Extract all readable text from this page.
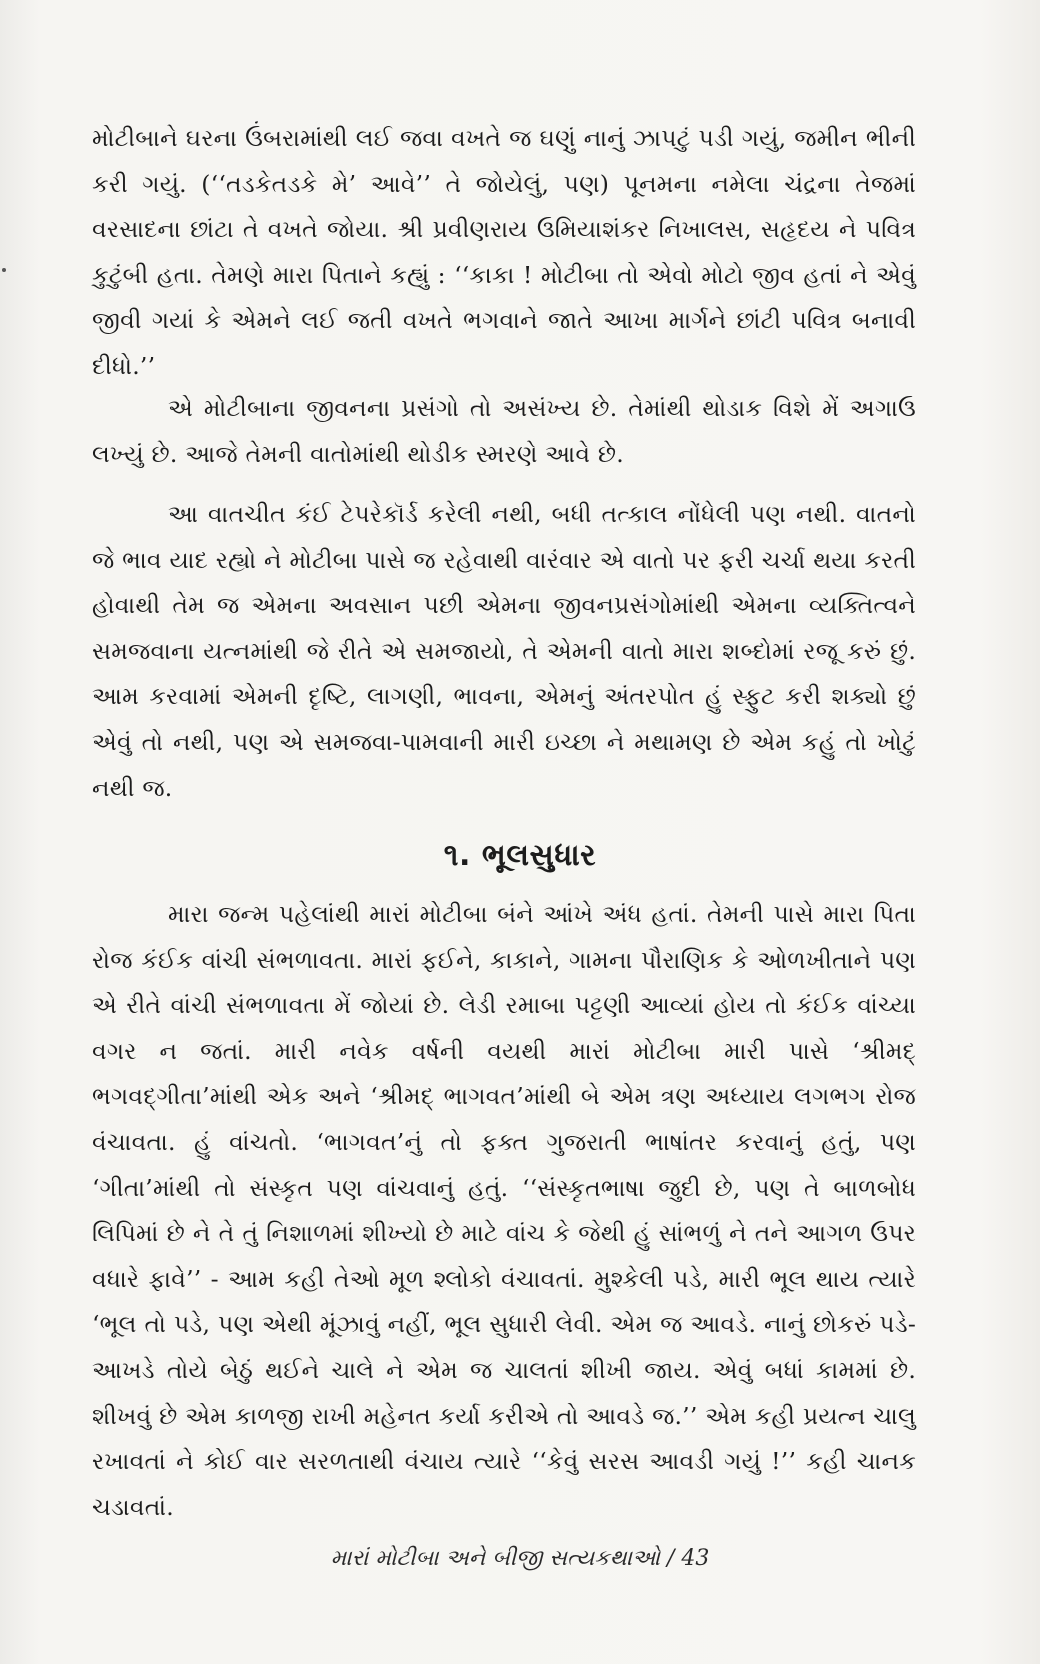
મોટીબાને ઘરના ઉંબરામાંથી લઈ જવા વખતે જ ઘણું નાનું ઝાપટું પડી ગયું, જમીન ભીની કરી ગયું. (‘‘તડકેતડકે મે’ આવે’’ તે જોયેલું, પણ) પૂનમના નમેલા ચંદ્રના તેજમાં વરસાદના છાંટા તે વખતે જોયા. શ્રી પ્રવીણરાય ઉમિયાશંકર નિખાલસ, સહૃદય ને પવિત્ર કુટુંબી હતા. તેમણે મારા પિતાને કહ્યું : ‘‘કાકા ! મોટીબા તો એવો મોટો જીવ હતાં ને એવું જીવી ગયાં કે એમને લઈ જતી વખતે ભગવાને જાતે આખા માર્ગને છાંટી પવિત્ર બનાવી દીધો.’’

એ મોટીબાના જીવનના પ્રસંગો તો અસંખ્ય છે. તેમાંથી થોડાક વિશે મેં અગાઉ લખ્યું છે. આજે તેમની વાતોમાંથી થોડીક સ્મરણે આવે છે.

આ વાતચીત કંઈ ટેપરેકૉર્ડ કરેલી નથી, બધી તત્કાલ નોંધેલી પણ નથી. વાતનો જે ભાવ યાદ રહ્યો ને મોટીબા પાસે જ રહેવાથી વારંવાર એ વાતો પર ફરી ચર્ચા થયા કરતી હોવાથી તેમ જ એમના અવસાન પછી એમના જીવનપ્રસંગોમાંથી એમના વ્યક્તિત્વને સમજવાના યત્નમાંથી જે રીતે એ સમજાયો, તે એમની વાતો મારા શબ્દોમાં રજૂ કરું છું. આમ કરવામાં એમની દૃષ્ટિ, લાગણી, ભાવના, એમનું અંતરપોત હું સ્ફુટ કરી શક્યો છું એવું તો નથી, પણ એ સમજવા-પામવાની મારી ઇચ્છા ને મથામણ છે એમ કહું તો ખોટું નથી જ.

૧. ભૂલસુધાર

મારા જન્મ પહેલાંથી મારાં મોટીબા બંને આંખે અંધ હતાં. તેમની પાસે મારા પિતા રોજ કંઈક વાંચી સંભળાવતા. મારાં ફઈને, કાકાને, ગામના પૌરાણિક કે ઓળખીતાને પણ એ રીતે વાંચી સંભળાવતા મેં જોયાં છે. લેડી રમાબા પટ્ટણી આવ્યાં હોય તો કંઈક વાંચ્યા વગર ન જતાં. મારી નવેક વર્ષની વયથી મારાં મોટીબા મારી પાસે ‘શ્રીમદ્ ભગવદ્ગીતા’માંથી એક અને ‘શ્રીમદ્ ભાગવત’માંથી બે એમ ત્રણ અધ્યાય લગભગ રોજ વંચાવતા. હું વાંચતો. ‘ભાગવત’નું તો ફક્ત ગુજરાતી ભાષાંતર કરવાનું હતું, પણ ‘ગીતા’માંથી તો સંસ્કૃત પણ વાંચવાનું હતું. ‘‘સંસ્કૃતભાષા જુદી છે, પણ તે બાળબોધ લિપિમાં છે ને તે તું નિશાળમાં શીખ્યો છે માટે વાંચ કે જેથી હું સાંભળું ને તને આગળ ઉપર વધારે ફાવે’’ - આમ કહી તેઓ મૂળ શ્લોકો વંચાવતાં. મુશ્કેલી પડે, મારી ભૂલ થાય ત્યારે ‘ભૂલ તો પડે, પણ એથી મૂંઝાવું નહીં, ભૂલ સુધારી લેવી. એમ જ આવડે. નાનું છોકરું પડે-આખડે તોયે બેઠું થઈને ચાલે ને એમ જ ચાલતાં શીખી જાય. એવું બધાં કામમાં છે. શીખવું છે એમ કાળજી રાખી મહેનત કર્યા કરીએ તો આવડે જ.’’ એમ કહી પ્રયત્ન ચાલુ રખાવતાં ને કોઈ વાર સરળતાથી વંચાય ત્યારે ‘‘કેવું સરસ આવડી ગયું !’’ કહી ચાનક ચડાવતાં.

મારાં મોટીબા અને બીજી સત્યકથાઓ / 43
